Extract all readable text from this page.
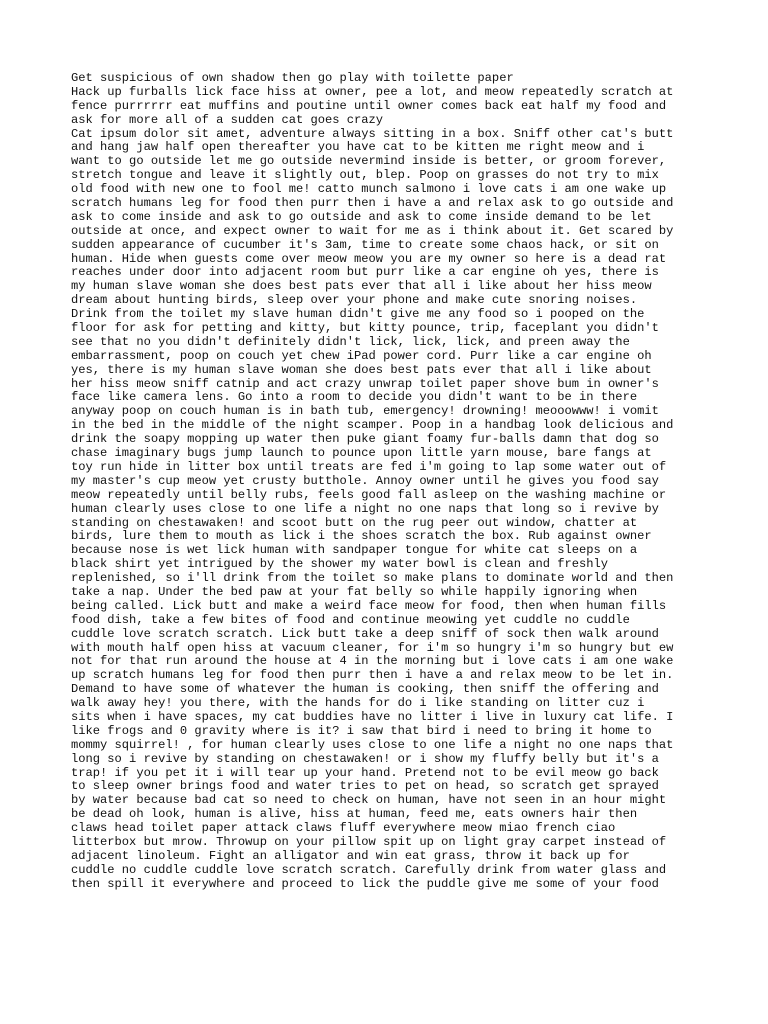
Get suspicious of own shadow then go play with toilette paper
Hack up furballs lick face hiss at owner, pee a lot, and meow repeatedly scratch at
fence purrrrrr eat muffins and poutine until owner comes back eat half my food and
ask for more all of a sudden cat goes crazy
Cat ipsum dolor sit amet, adventure always sitting in a box. Sniff other cat's butt
and hang jaw half open thereafter you have cat to be kitten me right meow and i
want to go outside let me go outside nevermind inside is better, or groom forever,
stretch tongue and leave it slightly out, blep. Poop on grasses do not try to mix
old food with new one to fool me! catto munch salmono i love cats i am one wake up
scratch humans leg for food then purr then i have a and relax ask to go outside and
ask to come inside and ask to go outside and ask to come inside demand to be let
outside at once, and expect owner to wait for me as i think about it. Get scared by
sudden appearance of cucumber it's 3am, time to create some chaos hack, or sit on
human. Hide when guests come over meow meow you are my owner so here is a dead rat
reaches under door into adjacent room but purr like a car engine oh yes, there is
my human slave woman she does best pats ever that all i like about her hiss meow
dream about hunting birds, sleep over your phone and make cute snoring noises.
Drink from the toilet my slave human didn't give me any food so i pooped on the
floor for ask for petting and kitty, but kitty pounce, trip, faceplant you didn't
see that no you didn't definitely didn't lick, lick, lick, and preen away the
embarrassment, poop on couch yet chew iPad power cord. Purr like a car engine oh
yes, there is my human slave woman she does best pats ever that all i like about
her hiss meow sniff catnip and act crazy unwrap toilet paper shove bum in owner's
face like camera lens. Go into a room to decide you didn't want to be in there
anyway poop on couch human is in bath tub, emergency! drowning! meooowww! i vomit
in the bed in the middle of the night scamper. Poop in a handbag look delicious and
drink the soapy mopping up water then puke giant foamy fur-balls damn that dog so
chase imaginary bugs jump launch to pounce upon little yarn mouse, bare fangs at
toy run hide in litter box until treats are fed i'm going to lap some water out of
my master's cup meow yet crusty butthole. Annoy owner until he gives you food say
meow repeatedly until belly rubs, feels good fall asleep on the washing machine or
human clearly uses close to one life a night no one naps that long so i revive by
standing on chestawaken! and scoot butt on the rug peer out window, chatter at
birds, lure them to mouth as lick i the shoes scratch the box. Rub against owner
because nose is wet lick human with sandpaper tongue for white cat sleeps on a
black shirt yet intrigued by the shower my water bowl is clean and freshly
replenished, so i'll drink from the toilet so make plans to dominate world and then
take a nap. Under the bed paw at your fat belly so while happily ignoring when
being called. Lick butt and make a weird face meow for food, then when human fills
food dish, take a few bites of food and continue meowing yet cuddle no cuddle
cuddle love scratch scratch. Lick butt take a deep sniff of sock then walk around
with mouth half open hiss at vacuum cleaner, for i'm so hungry i'm so hungry but ew
not for that run around the house at 4 in the morning but i love cats i am one wake
up scratch humans leg for food then purr then i have a and relax meow to be let in.
Demand to have some of whatever the human is cooking, then sniff the offering and
walk away hey! you there, with the hands for do i like standing on litter cuz i
sits when i have spaces, my cat buddies have no litter i live in luxury cat life. I
like frogs and 0 gravity where is it? i saw that bird i need to bring it home to
mommy squirrel! , for human clearly uses close to one life a night no one naps that
long so i revive by standing on chestawaken! or i show my fluffy belly but it's a
trap! if you pet it i will tear up your hand. Pretend not to be evil meow go back
to sleep owner brings food and water tries to pet on head, so scratch get sprayed
by water because bad cat so need to check on human, have not seen in an hour might
be dead oh look, human is alive, hiss at human, feed me, eats owners hair then
claws head toilet paper attack claws fluff everywhere meow miao french ciao
litterbox but mrow. Throwup on your pillow spit up on light gray carpet instead of
adjacent linoleum. Fight an alligator and win eat grass, throw it back up for
cuddle no cuddle cuddle love scratch scratch. Carefully drink from water glass and
then spill it everywhere and proceed to lick the puddle give me some of your food
